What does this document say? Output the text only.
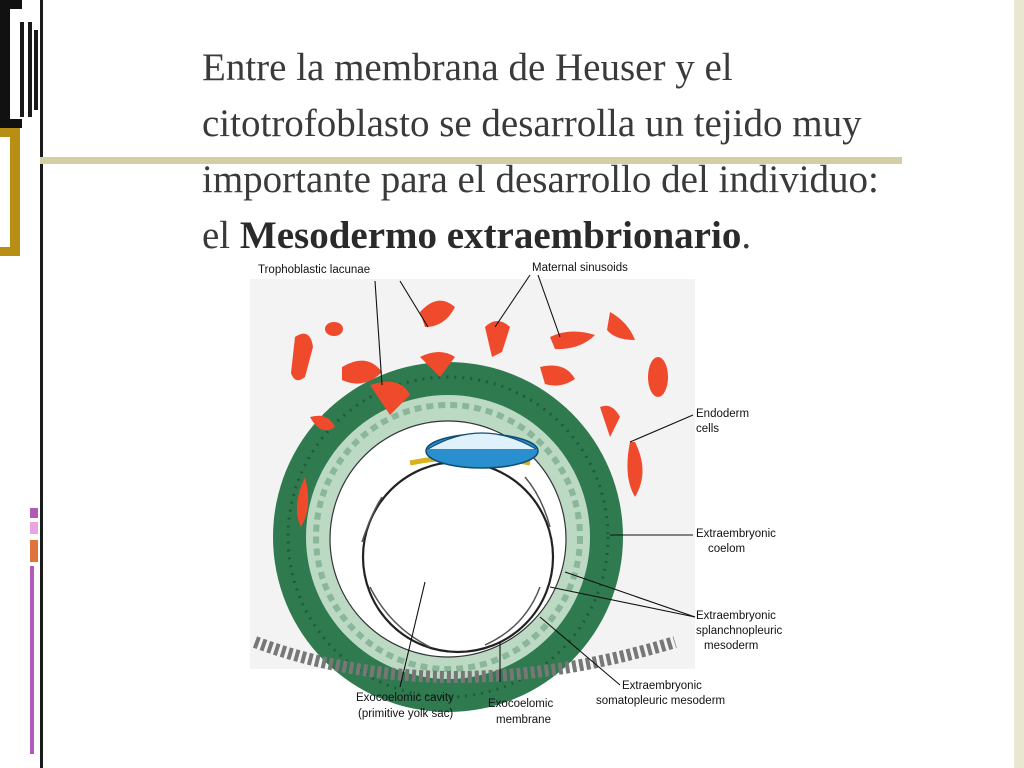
Entre la membrana de Heuser y el
citotrofoblasto se desarrolla un tejido muy
importante para el desarrollo del individuo:
el Mesodermo extraembrionario.
Trophoblastic lacunae	Maternal sinusoids
Endoderm
cells
Extraembryonic
coelom
Extraembryonic
splanchnopleuric
mesoderm
Extraembryonic
somatopleuric mesoderm
Exocoelomic cavity
(primitive yolk sac)
Exocoelomic
membrane
